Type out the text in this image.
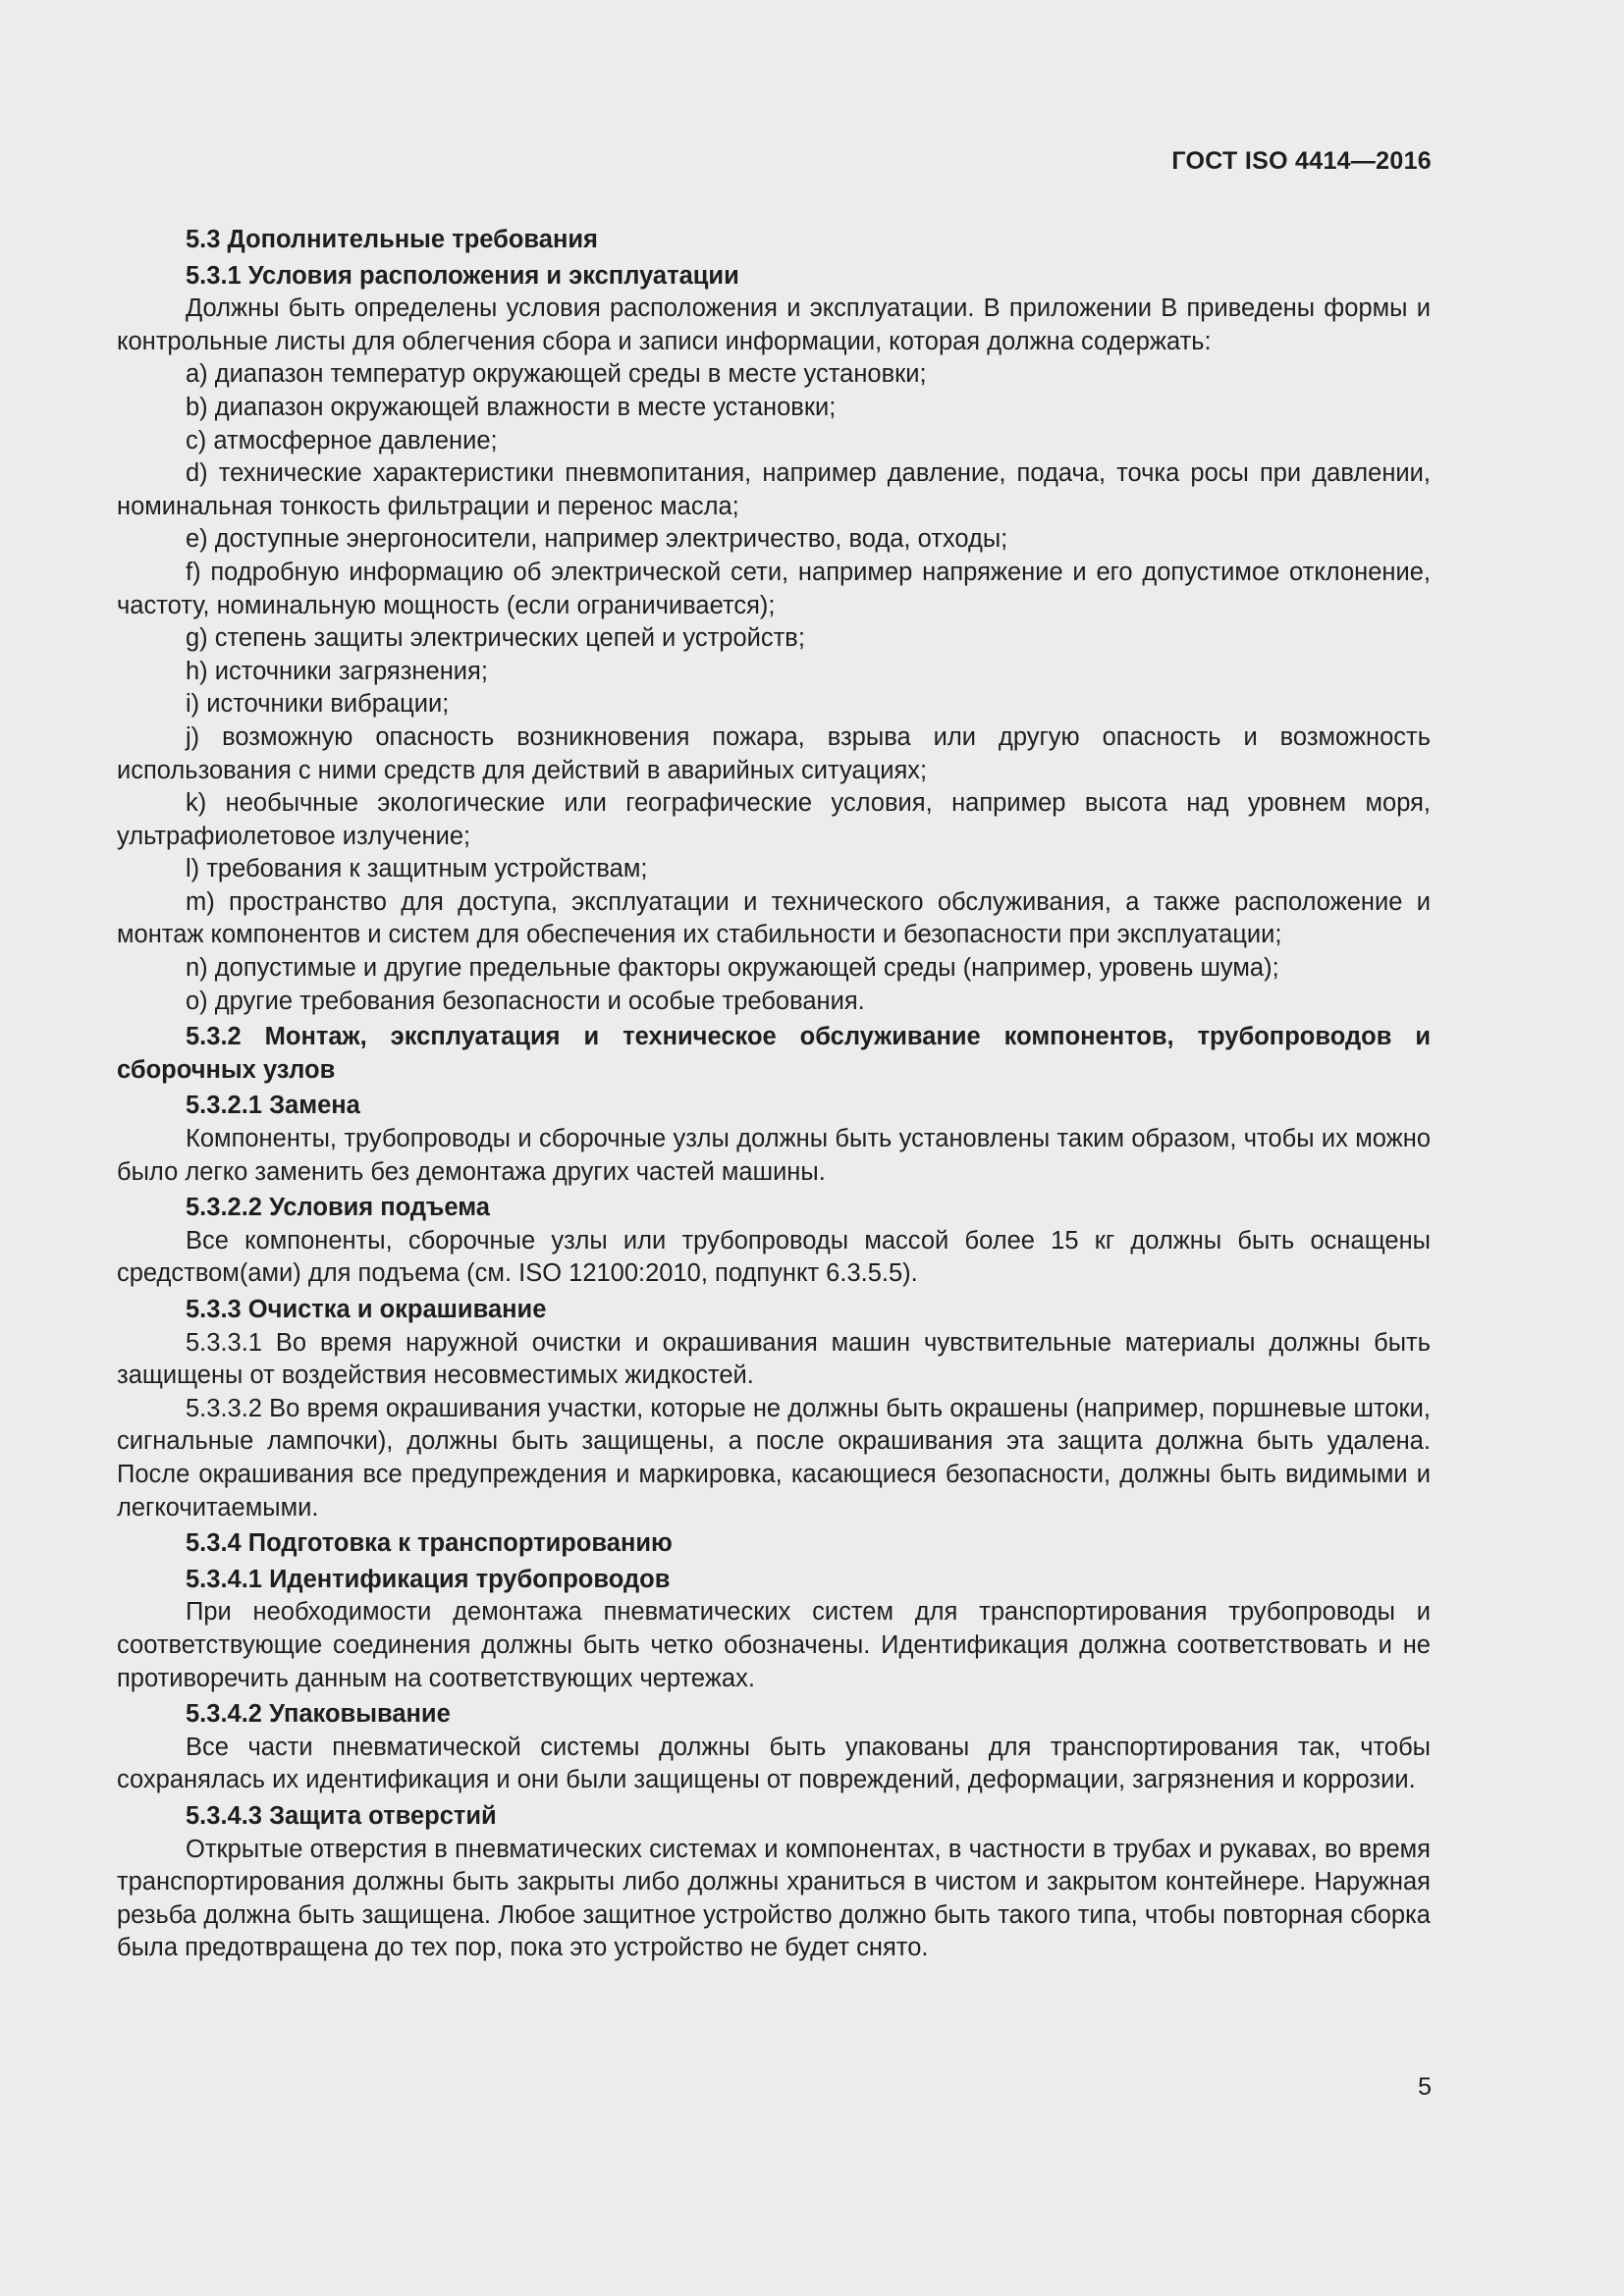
ГОСТ ISO 4414—2016

5.3 Дополнительные требования

5.3.1 Условия расположения и эксплуатации

Должны быть определены условия расположения и эксплуатации. В приложении В приведены формы и контрольные листы для облегчения сбора и записи информации, которая должна содержать:

a) диапазон температур окружающей среды в месте установки;

b) диапазон окружающей влажности в месте установки;

c) атмосферное давление;

d) технические характеристики пневмопитания, например давление, подача, точка росы при давлении, номинальная тонкость фильтрации и перенос масла;

e) доступные энергоносители, например электричество, вода, отходы;

f) подробную информацию об электрической сети, например напряжение и его допустимое отклонение, частоту, номинальную мощность (если ограничивается);

g) степень защиты электрических цепей и устройств;

h) источники загрязнения;

i) источники вибрации;

j) возможную опасность возникновения пожара, взрыва или другую опасность и возможность использования с ними средств для действий в аварийных ситуациях;

k) необычные экологические или географические условия, например высота над уровнем моря, ультрафиолетовое излучение;

l) требования к защитным устройствам;

m) пространство для доступа, эксплуатации и технического обслуживания, а также расположение и монтаж компонентов и систем для обеспечения их стабильности и безопасности при эксплуатации;

n) допустимые и другие предельные факторы окружающей среды (например, уровень шума);

o) другие требования безопасности и особые требования.

5.3.2 Монтаж, эксплуатация и техническое обслуживание компонентов, трубопроводов и сборочных узлов

5.3.2.1 Замена

Компоненты, трубопроводы и сборочные узлы должны быть установлены таким образом, чтобы их можно было легко заменить без демонтажа других частей машины.

5.3.2.2 Условия подъема

Все компоненты, сборочные узлы или трубопроводы массой более 15 кг должны быть оснащены средством(ами) для подъема (см. ISO 12100:2010, подпункт 6.3.5.5).

5.3.3 Очистка и окрашивание

5.3.3.1 Во время наружной очистки и окрашивания машин чувствительные материалы должны быть защищены от воздействия несовместимых жидкостей.

5.3.3.2 Во время окрашивания участки, которые не должны быть окрашены (например, поршневые штоки, сигнальные лампочки), должны быть защищены, а после окрашивания эта защита должна быть удалена. После окрашивания все предупреждения и маркировка, касающиеся безопасности, должны быть видимыми и легкочитаемыми.

5.3.4 Подготовка к транспортированию

5.3.4.1 Идентификация трубопроводов

При необходимости демонтажа пневматических систем для транспортирования трубопроводы и соответствующие соединения должны быть четко обозначены. Идентификация должна соответствовать и не противоречить данным на соответствующих чертежах.

5.3.4.2 Упаковывание

Все части пневматической системы должны быть упакованы для транспортирования так, чтобы сохранялась их идентификация и они были защищены от повреждений, деформации, загрязнения и коррозии.

5.3.4.3 Защита отверстий

Открытые отверстия в пневматических системах и компонентах, в частности в трубах и рукавах, во время транспортирования должны быть закрыты либо должны храниться в чистом и закрытом контейнере. Наружная резьба должна быть защищена. Любое защитное устройство должно быть такого типа, чтобы повторная сборка была предотвращена до тех пор, пока это устройство не будет снято.

5
